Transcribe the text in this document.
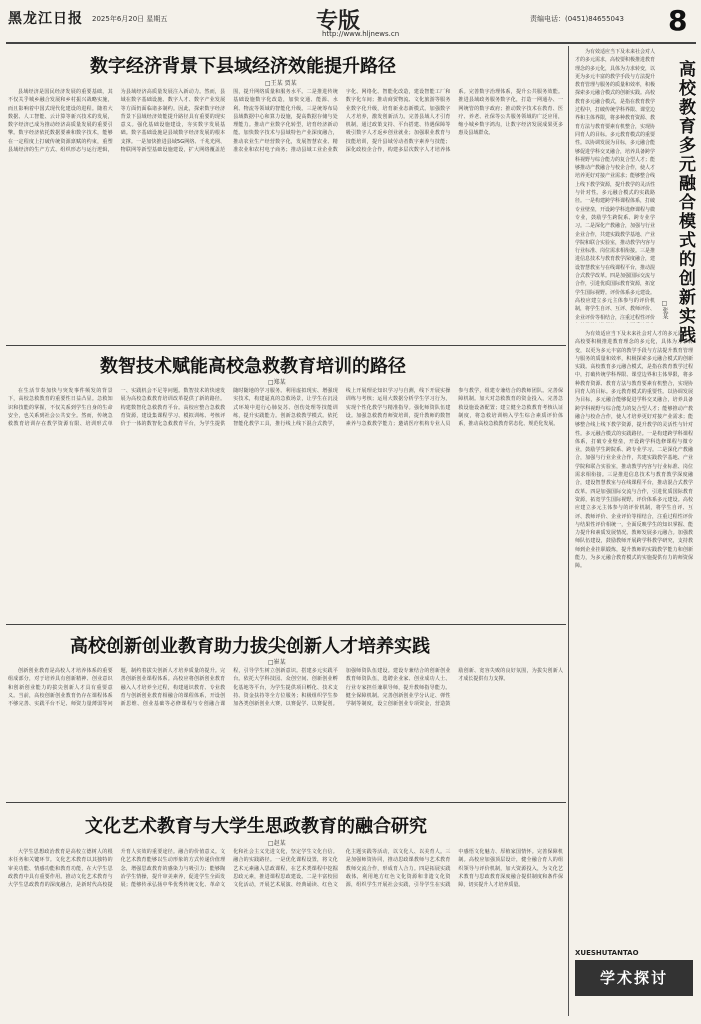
黑龙江日报 2025年6月20日 星期五	专版
http://www.hljnews.cn
责编电话：(0451)84655043 8
数字经济背景下县域经济效能提升路径
□王某 贾某

县域经济是国民经济发展的重要基础，其不仅关乎城乡融合发展和乡村振兴战略实施，而且影响着中国式现代化建设的进程。随着大数据、人工智能、云计算等新兴技术的发展，数字经济已成为推动经济高质量发展的重要引擎。数字经济依托数据要素和数字技术，能够在一定程度上打破传统资源禀赋的约束，重塑县域经济的生产方式、组织形态与运行逻辑，为县域经济高质量发展注入新动力。然而，县域在数字基础设施、数字人才、数字产业发展等方面仍面临诸多制约。因此，探索数字经济背景下县域经济效能提升路径具有重要的现实意义。强化基础设施建设，夯实数字发展基础。数字基础设施是县域数字经济发展的根本支撑。一是加快推进县域5G网络、千兆光网、物联网等新型基础设施建设，扩大网络覆盖范围，提升网络质量和服务水平。二是推进传统基础设施数字化改造，加快交通、能源、水利、物流等领域的智能化升级。三是统筹布局县域数据中心和算力设施，提高数据存储与处理能力。推动产业数字化转型，培育经济新动能。加快数字技术与县域特色产业深度融合，推动农业生产经营数字化，发展智慧农业、精准农业和农村电子商务；推动县域工业企业数字化、网络化、智能化改造，建设智能工厂和数字化车间；推动商贸物流、文化旅游等服务业数字化升级，培育新业态新模式。加强数字人才培养，激发创新活力。完善县域人才引育机制，通过政策支持、平台搭建、待遇保障等吸引数字人才返乡创业就业；加强职业教育与技能培训，提升县域劳动者数字素养与技能；深化政校企合作，构建多层次数字人才培养体系。完善数字治理体系，提升公共服务效能。推进县域政务服务数字化，打造一网通办、一网统管的数字政府；推动数字技术在教育、医疗、养老、社保等公共服务领域的广泛应用，缩小城乡数字鸿沟，让数字经济发展成果更多惠及县域群众。

数智技术赋能高校急救教育培训的路径
□郑某

在生活节奏加快与突发事件频发的背景下，高校急救教育的重要性日益凸显。急救知识和技能的掌握，不仅关系到学生自身的生命安全，也关系到社会公共安全。然而，传统急救教育培训存在教学资源有限、培训形式单一、实践机会不足等问题。数智技术的快速发展为高校急救教育培训改革提供了新的路径。构建数智化急救教育平台。高校应整合急救教育资源，建设集课程学习、模拟训练、考核评价于一体的数智化急救教育平台，为学生提供随时随地的学习服务。利用虚拟现实、增强现实技术，构建逼真的急救场景，让学生在沉浸式环境中进行心肺复苏、创伤处理等技能训练，提升实践能力。创新急救教学模式。依托智能化教学工具，推行线上线下混合式教学，线上开展理论知识学习与自测，线下开展实操训练与考核；运用大数据分析学生学习行为，实现个性化教学与精准指导。强化师资队伍建设。加强急救教育师资培训，提升教师的数智素养与急救教学能力；邀请医疗机构专业人员参与教学，组建专兼结合的教师团队。完善保障机制。加大对急救教育的资金投入，完善急救设施设备配置；建立健全急救教育考核认证制度，将急救培训纳入学生综合素质评价体系，推动高校急救教育常态化、规范化发展。

高校创新创业教育助力拔尖创新人才培养实践
□崔某

创新创业教育是高校人才培养体系的重要组成部分，对于培养具有创新精神、创业意识和创新创业能力的拔尖创新人才具有重要意义。当前，高校创新创业教育仍存在课程体系不够完善、实践平台不足、师资力量薄弱等问题，制约着拔尖创新人才培养质量的提升。完善创新创业课程体系。高校应将创新创业教育融入人才培养全过程，构建通识教育、专业教育与创新创业教育相融合的课程体系，开设创新思维、创业基础等必修课程与专创融合课程，引导学生树立创新意识。搭建多元实践平台。依托大学科技园、众创空间、创新创业孵化基地等平台，为学生提供项目孵化、技术支持、资金扶持等全方位服务；积极组织学生参加各类创新创业大赛，以赛促学、以赛促创。加强师资队伍建设。建设专兼结合的创新创业教育师资队伍，选聘企业家、创业成功人士、行业专家担任兼职导师，提升教师指导能力。健全保障机制。完善创新创业学分认定、弹性学制等制度，设立创新创业专项资金，营造鼓励创新、宽容失败的良好氛围，为拔尖创新人才成长提供有力支撑。

文化艺术教育与大学生思政教育的融合研究
□赵某

大学生思想政治教育是高校立德树人的根本任务和关键环节。文化艺术教育以其独特的审美功能、情感功能和教育功能，在大学生思政教育中具有重要作用。推动文化艺术教育与大学生思政教育的深度融合，是新时代高校提升育人实效的重要途径。融合的价值意义。文化艺术教育能够以生动形象的方式传递价值理念，增强思政教育的感染力与吸引力；能够陶冶学生情操，提升审美素养，促进学生全面发展；能够传承弘扬中华优秀传统文化、革命文化和社会主义先进文化，坚定学生文化自信。融合的实践路径。一是优化课程设置，将文化艺术元素融入思政课程，在艺术类课程中挖掘思政元素，推进课程思政建设。二是丰富校园文化活动，开展艺术展演、经典诵读、红色文化主题实践等活动，以文化人、以美育人。三是加强师资协同，推动思政课教师与艺术教育教师交流合作，形成育人合力。四是拓展实践载体，利用地方红色文化资源和非遗文化资源，组织学生开展社会实践，引导学生在实践中感悟文化魅力、厚植家国情怀。完善保障机制。高校应加强顶层设计，健全融合育人的组织领导与评价机制，加大资源投入，为文化艺术教育与思政教育深度融合提供制度和条件保障，切实提升人才培养质量。

高校教育多元融合模式的创新实践
□张某

为有效适应当下及未来社会对人才的多元需求，高校要积极推进教育理念的多元化，具体为力求转变，以更为多元丰富的教学手段与方法提升教育管理与服务的质量和效率，积极探索多元融合模式的创新实践。高校教育多元融合模式，是指在教育教学过程中，打破传统学科界限、课堂边界和主体界限，将多种教育资源、教育方法与教育要素有机整合，实现协同育人的目标。多元教育模式的重要性。以协调发展为目标，多元融合能够促进学科交叉融合，培养具备跨学科视野与综合能力的复合型人才；能够推动产教融合与校企合作，使人才培养更好对接产业需求；能够整合线上线下教学资源，提升教学的灵活性与针对性。多元融合模式的实践路径。一是构建跨学科课程体系，打破专业壁垒，开设跨学科选修课程与微专业，鼓励学生跨院系、跨专业学习。二是深化产教融合，加强与行业企业合作，共建实践教学基地、产业学院和联合实验室，推动教学内容与行业标准、岗位需求相衔接。三是推进信息技术与教育教学深度融合，建设智慧教室与在线课程平台，推动混合式教学改革。四是加强国际交流与合作，引进优质国际教育资源，拓宽学生国际视野。评价体系多元建设。高校应建立多元主体参与的评价机制，将学生自评、互评、教师评价、企业评价等相结合，注重过程性评价

为有效适应当下及未来社会对人才的多元需求，高校要积极推进教育理念的多元化，具体为力求转变，以更为多元丰富的教学手段与方法提升教育管理与服务的质量和效率，积极探索多元融合模式的创新实践。高校教育多元融合模式，是指在教育教学过程中，打破传统学科界限、课堂边界和主体界限，将多种教育资源、教育方法与教育要素有机整合，实现协同育人的目标。多元教育模式的重要性。以协调发展为目标，多元融合能够促进学科交叉融合，培养具备跨学科视野与综合能力的复合型人才；能够推动产教融合与校企合作，使人才培养更好对接产业需求；能够整合线上线下教学资源，提升教学的灵活性与针对性。多元融合模式的实践路径。一是构建跨学科课程体系，打破专业壁垒，开设跨学科选修课程与微专业，鼓励学生跨院系、跨专业学习。二是深化产教融合，加强与行业企业合作，共建实践教学基地、产业学院和联合实验室，推动教学内容与行业标准、岗位需求相衔接。三是推进信息技术与教育教学深度融合，建设智慧教室与在线课程平台，推动混合式教学改革。四是加强国际交流与合作，引进优质国际教育资源，拓宽学生国际视野。评价体系多元建设。高校应建立多元主体参与的评价机制，将学生自评、互评、教师评价、企业评价等相结合，注重过程性评价与结果性评价相统一，全面反映学生的知识掌握、能力提升和素质发展情况。教师发展多元融合。加强教师队伍建设，鼓励教师开展跨学科教学研究，支持教师到企业挂职锻炼，提升教师的实践教学能力和创新能力，为多元融合教育模式的实施提供有力的师资保障。

XUESHUTANTAO
学术探讨
